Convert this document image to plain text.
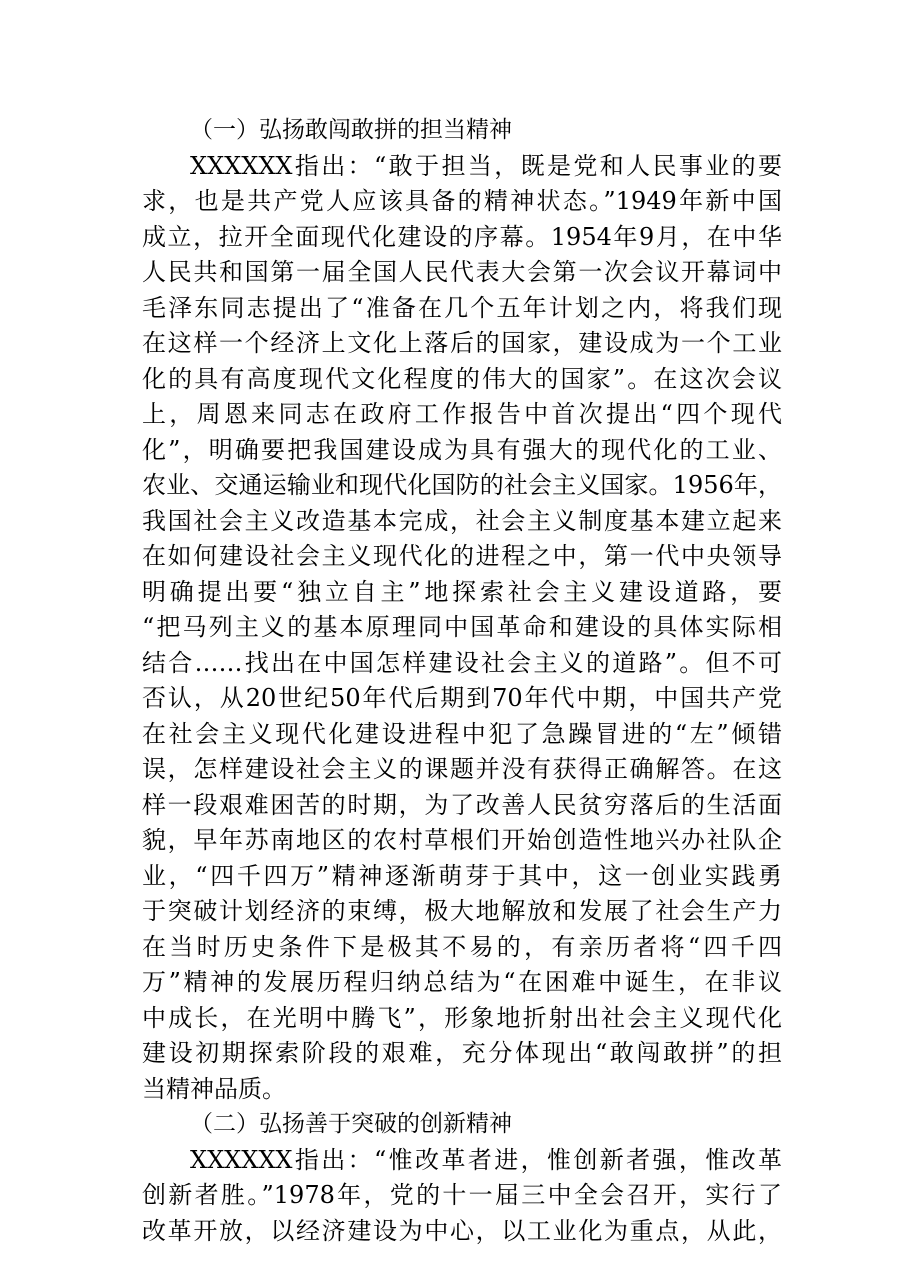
（一）弘扬敢闯敢拼的担当精神
XXXXXX指出：“敢于担当，既是党和人民事业的要
求，也是共产党人应该具备的精神状态。”1949年新中国
成立，拉开全面现代化建设的序幕。1954年9月，在中华
人民共和国第一届全国人民代表大会第一次会议开幕词中
毛泽东同志提出了“准备在几个五年计划之内，将我们现
在这样一个经济上文化上落后的国家，建设成为一个工业
化的具有高度现代文化程度的伟大的国家”。在这次会议
上，周恩来同志在政府工作报告中首次提出“四个现代
化”，明确要把我国建设成为具有强大的现代化的工业、
农业、交通运输业和现代化国防的社会主义国家。1956年，
我国社会主义改造基本完成，社会主义制度基本建立起来
在如何建设社会主义现代化的进程之中，第一代中央领导
明确提出要“独立自主”地探索社会主义建设道路，要
“把马列主义的基本原理同中国革命和建设的具体实际相
结合……找出在中国怎样建设社会主义的道路”。但不可
否认，从20世纪50年代后期到70年代中期，中国共产党
在社会主义现代化建设进程中犯了急躁冒进的“左”倾错
误，怎样建设社会主义的课题并没有获得正确解答。在这
样一段艰难困苦的时期，为了改善人民贫穷落后的生活面
貌，早年苏南地区的农村草根们开始创造性地兴办社队企
业，“四千四万”精神逐渐萌芽于其中，这一创业实践勇
于突破计划经济的束缚，极大地解放和发展了社会生产力
在当时历史条件下是极其不易的，有亲历者将“四千四
万”精神的发展历程归纳总结为“在困难中诞生，在非议
中成长，在光明中腾飞”，形象地折射出社会主义现代化
建设初期探索阶段的艰难，充分体现出“敢闯敢拼”的担
当精神品质。
（二）弘扬善于突破的创新精神
XXXXXX指出：“惟改革者进，惟创新者强，惟改革
创新者胜。”1978年，党的十一届三中全会召开，实行了
改革开放，以经济建设为中心，以工业化为重点，从此，
